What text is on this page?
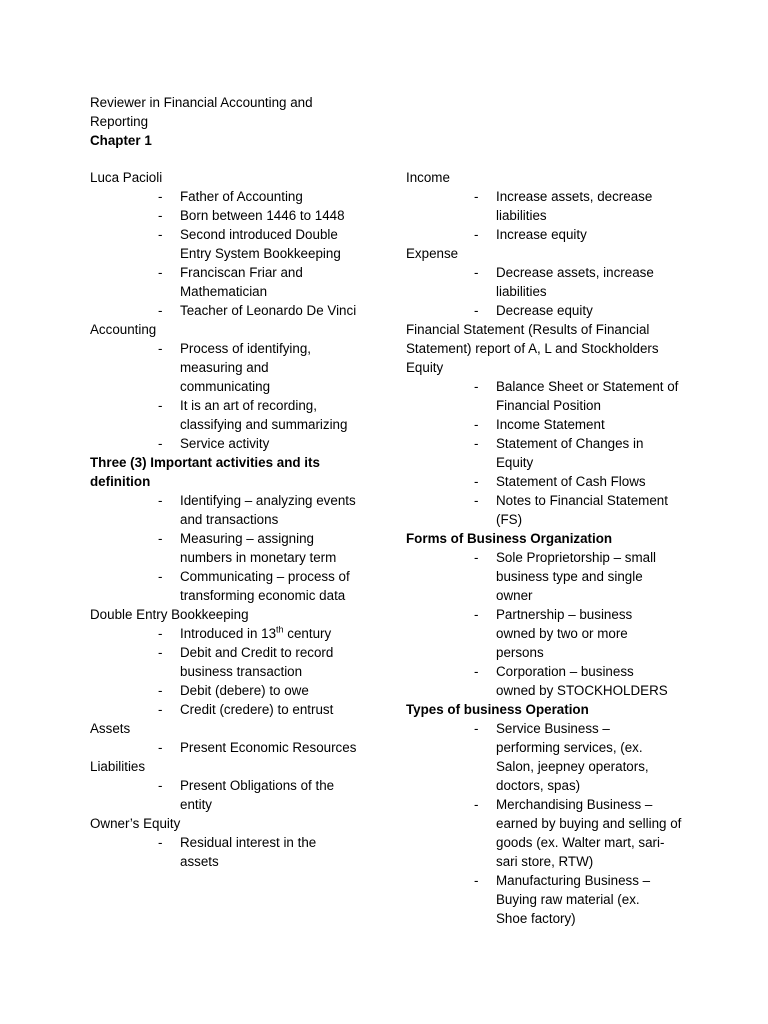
Reviewer in Financial Accounting and
Reporting
Chapter 1
Luca Pacioli
- Father of Accounting
- Born between 1446 to 1448
- Second introduced Double Entry System Bookkeeping
- Franciscan Friar and Mathematician
- Teacher of Leonardo De Vinci
Accounting
- Process of identifying, measuring and communicating
- It is an art of recording, classifying and summarizing
- Service activity
Three (3) Important activities and its definition
- Identifying – analyzing events and transactions
- Measuring – assigning numbers in monetary term
- Communicating – process of transforming economic data
Double Entry Bookkeeping
- Introduced in 13th century
- Debit and Credit to record business transaction
- Debit (debere) to owe
- Credit (credere) to entrust
Assets
- Present Economic Resources
Liabilities
- Present Obligations of the entity
Owner’s Equity
- Residual interest in the assets
Income
- Increase assets, decrease liabilities
- Increase equity
Expense
- Decrease assets, increase liabilities
- Decrease equity
Financial Statement (Results of Financial Statement) report of A, L and Stockholders Equity
- Balance Sheet or Statement of Financial Position
- Income Statement
- Statement of Changes in Equity
- Statement of Cash Flows
- Notes to Financial Statement (FS)
Forms of Business Organization
- Sole Proprietorship – small business type and single owner
- Partnership – business owned by two or more persons
- Corporation – business owned by STOCKHOLDERS
Types of business Operation
- Service Business – performing services, (ex. Salon, jeepney operators, doctors, spas)
- Merchandising Business – earned by buying and selling of goods (ex. Walter mart, sari-sari store, RTW)
- Manufacturing Business – Buying raw material (ex. Shoe factory)
